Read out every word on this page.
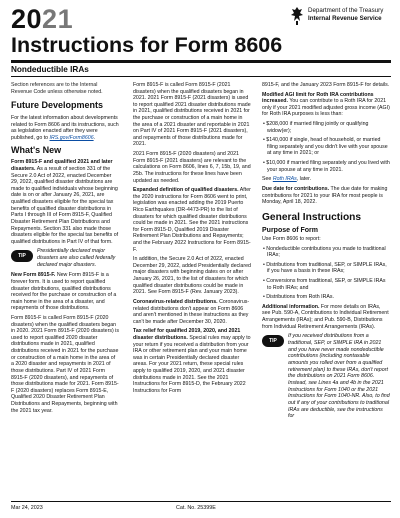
2021
Instructions for Form 8606
Department of the Treasury
Internal Revenue Service
Nondeductible IRAs

Section references are to the Internal Revenue Code unless otherwise noted.

Future Developments

For the latest information about developments related to Form 8606 and its instructions, such as legislation enacted after they were published, go to IRS.gov/Form8606.

What's New

Form 8915-F and qualified 2021 and later disasters. As a result of section 331 of the Secure 2.0 Act of 2022, enacted December 29, 2022, qualified disaster distributions are made to qualified individuals whose beginning date is on or after January 26, 2021, are qualified disasters eligible for the special tax benefits of qualified disaster distributions in Parts I through III of Form 8915-F, Qualified Disaster Retirement Plan Distributions and Repayments. Section 331 also made those disasters eligible for the special tax benefits of qualified distributions in Part IV of that form.

TIP
Presidentially declared major disasters are also called federally declared major disasters.

New Form 8915-F. New Form 8915-F is a forever form. It is used to report qualified disaster distributions, qualified distributions received for the purchase or construction of a main home in the area of a disaster, and repayments of those distributions.

Form 8915-F is called Form 8915-F (2020 disasters) when the qualified disasters began in 2020. 2021 Form 8915-F (2020 disasters) is used to report qualified 2020 disaster distributions made in 2021, qualified distributions received in 2021 for the purchase or construction of a main home in the area of a 2020 disaster and repayments in 2021 of those distributions. Part IV of 2021 Form 8915-F (2020 disasters), and repayments of those distributions made for 2021. Form 8915-F (2020 disasters) replaces Form 8915-E, Qualified 2020 Disaster Retirement Plan Distributions and Repayments, beginning with the 2021 tax year.

Form 8915-F is called Form 8915-F (2021 disasters) when the qualified disasters began in 2021. 2021 Form 8915-F (2021 disasters) is used to report qualified 2021 disaster distributions made in 2021, qualified distributions received in 2021 for the purchase or construction of a main home in the area of a 2021 disaster and reportable in 2021 on Part IV of 2021 Form 8915-F (2021 disasters), and repayments of those distributions made for 2021.

2021 Form 8915-F (2020 disasters) and 2021 Form 8915-F (2021 disasters) are relevant to the calculations on Form 8606, lines 6, 7, 15b, 19, and 25b. The instructions for these lines have been updated as needed.

Expanded definition of qualified disasters. After the 2020 instructions for Form 8606 went to print, legislation was enacted adding the 2019 Puerto Rico Earthquakes (DR-4473-PR) to the list of disasters for which qualified disaster distributions could be made in 2021. See the 2021 instructions for Form 8915-D, Qualified 2019 Disaster Retirement Plan Distributions and Repayments; and the February 2022 Instructions for Form 8915-F.

In addition, the Secure 2.0 Act of 2022, enacted December 29, 2022, added Presidentially declared major disasters with beginning dates on or after January 26, 2021, to the list of disasters for which qualified disaster distributions could be made in 2021. See Form 8915-F (Rev. January 2023).

Coronavirus-related distributions. Coronavirus-related distributions don't appear on Form 8606 and aren't mentioned in these instructions as they can't be made after December 30, 2020.

Tax relief for qualified 2019, 2020, and 2021 disaster distributions. Special rules may apply to your return if you received a distribution from your IRA or other retirement plan and your main home was in certain Presidentially declared disaster areas. For your 2021 return, these special rules apply to qualified 2019, 2020, and 2021 disaster distributions made in 2021. See the 2021 Instructions for Form 8915-D, the February 2022 Instructions for Form

8915-F, and the January 2023 Form 8915-F for details.

Modified AGI limit for Roth IRA contributions increased. You can contribute to a Roth IRA for 2021 only if your 2021 modified adjusted gross income (AGI) for Roth IRA purposes is less than:

• $208,000 if married filing jointly or qualifying widow(er);

• $140,000 if single, head of household, or married filing separately and you didn't live with your spouse at any time in 2021; or

• $10,000 if married filing separately and you lived with your spouse at any time in 2021.

See Roth IRAs, later.

Due date for contributions. The due date for making contributions for 2021 to your IRA for most people is Monday, April 18, 2022.

General Instructions
Purpose of Form

Use Form 8606 to report:

• Nondeductible contributions you made to traditional IRAs;

• Distributions from traditional, SEP, or SIMPLE IRAs, if you have a basis in these IRAs;

• Conversions from traditional, SEP, or SIMPLE IRAs to Roth IRAs; and

• Distributions from Roth IRAs.

Additional information. For more details on IRAs, see Pub. 590-A, Contributions to Individual Retirement Arrangements (IRAs); and Pub. 590-B, Distributions from Individual Retirement Arrangements (IRAs).

TIP
If you received distributions from a traditional, SEP, or SIMPLE IRA in 2021 and you have never made nondeductible contributions (including nontaxable amounts you rolled over from a qualified retirement plan) to these IRAs, don't report the distributions on 2021 Form 8606. Instead, see Lines 4a and 4b in the 2021 Instructions for Form 1040 or the 2021 Instructions for Form 1040-NR. Also, to find out if any of your contributions to traditional IRAs are deductible, see the instructions for
Mar 24, 2023	Cat. No. 25399E
